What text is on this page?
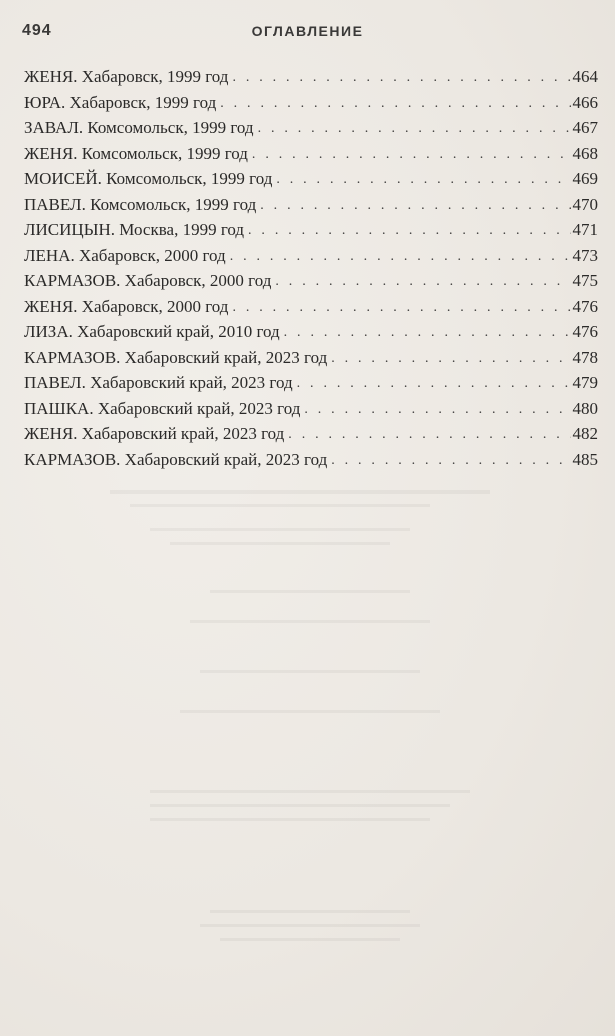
494	ОГЛАВЛЕНИЕ
ЖЕНЯ. Хабаровск, 1999 год . . .	464
ЮРА. Хабаровск, 1999 год . . .	466
ЗАВАЛ. Комсомольск, 1999 год . . .	467
ЖЕНЯ. Комсомольск, 1999 год . . .	468
МОИСЕЙ. Комсомольск, 1999 год . . .	469
ПАВЕЛ. Комсомольск, 1999 год . . .	470
ЛИСИЦЫН. Москва, 1999 год . . .	471
ЛЕНА. Хабаровск, 2000 год . . .	473
КАРМАЗОВ. Хабаровск, 2000 год . . .	475
ЖЕНЯ. Хабаровск, 2000 год . . .	476
ЛИЗА. Хабаровский край, 2010 год . . .	476
КАРМАЗОВ. Хабаровский край, 2023 год . . .	478
ПАВЕЛ. Хабаровский край, 2023 год . . .	479
ПАШКА. Хабаровский край, 2023 год . . .	480
ЖЕНЯ. Хабаровский край, 2023 год . . .	482
КАРМАЗОВ. Хабаровский край, 2023 год . . .	485
